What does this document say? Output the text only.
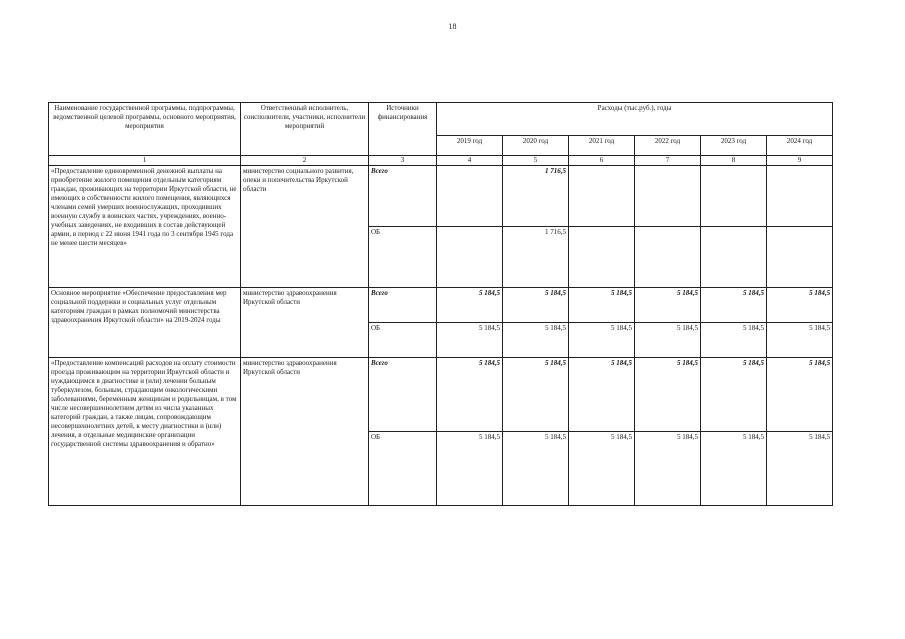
18
Наименование государственной программы, подпрограммы, ведомственной целевой программы, основного мероприятия, мероприятия	Ответственный исполнитель, соисполнители, участники, исполнители мероприятий	Источники финансирования	Расходы (тыс.руб.), годы					
			2019 год	2020 год	2021 год	2022 год	2023 год	2024 год
1	2	3	4	5	6	7	8	9
«Предоставление единовременной денежной выплаты на приобретение жилого помещения отдельным категориям граждан, проживающих на территории Иркутской области, не имеющих в собственности жилого помещения, являющихся членами семей умерших военнослужащих, проходивших военную службу в воинских частях, учреждениях, военно-учебных заведениях, не входивших в состав действующей армии, в период с 22 июня 1941 года по 3 сентября 1945 года не менее шести месяцев»	министерство социального развития, опеки и попечительства Иркутской области	Всего		1 716,5				
		ОБ		1 716,5				
Основное мероприятие «Обеспечение предоставления мер социальной поддержки и социальных услуг отдельным категориям граждан в рамках полномочий министерства здравоохранения Иркутской области» на 2019-2024 годы	министерство здравоохранения Иркутской области	Всего	5 184,5	5 184,5	5 184,5	5 184,5	5 184,5	5 184,5
		ОБ	5 184,5	5 184,5	5 184,5	5 184,5	5 184,5	5 184,5
«Предоставление компенсаций расходов на оплату стоимости проезда проживающим на территории Иркутской области и нуждающимся в диагностике и (или) лечении больным туберкулезом, больным, страдающим онкологическими заболеваниями, беременным женщинам и родильницам, в том числе несовершеннолетним детям из числа указанных категорий граждан, а также лицам, сопровождающим несовершеннолетних детей, к месту диагностики и (или) лечения, в отдельные медицинские организации государственной системы здравоохранения и обратно»	министерство здравоохранения Иркутской области	Всего	5 184,5	5 184,5	5 184,5	5 184,5	5 184,5	5 184,5
		ОБ	5 184,5	5 184,5	5 184,5	5 184,5	5 184,5	5 184,5
